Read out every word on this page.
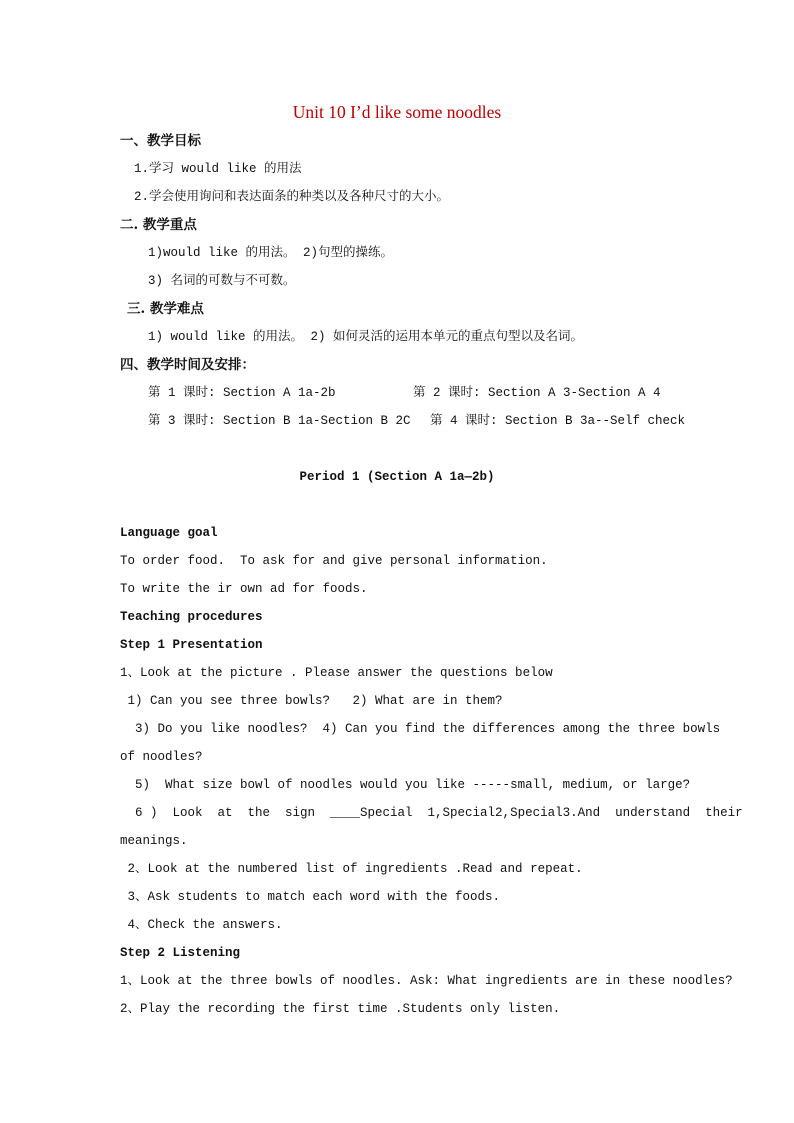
Unit 10 I’d like some noodles
一、教学目标
1.学习 would like 的用法
2.学会使用询问和表达面条的种类以及各种尺寸的大小。
二. 教学重点
1)would like 的用法。 2)句型的操练。
3) 名词的可数与不可数。
三. 教学难点
1) would like 的用法。 2) 如何灵活的运用本单元的重点句型以及名词。
四、教学时间及安排：
第 1 课时: Section A 1a-2b	第 2 课时: Section A 3-Section A 4
第 3 课时: Section B 1a-Section B 2C 第 4 课时: Section B 3a--Self check
Period 1 (Section A 1a—2b)
Language goal
To order food.  To ask for and give personal information.
To write the ir own ad for foods.
Teaching procedures
Step 1 Presentation
1、Look at the picture . Please answer the questions below
1) Can you see three bowls?   2) What are in them?
3) Do you like noodles?  4) Can you find the differences among the three bowls
of noodles?
5)  What size bowl of noodles would you like -----small, medium, or large?
6 )  Look  at  the  sign  ____Special  1,Special2,Special3.And  understand  their
meanings.
2、Look at the numbered list of ingredients .Read and repeat.
3、Ask students to match each word with the foods.
4、Check the answers.
Step 2 Listening
1、Look at the three bowls of noodles. Ask: What ingredients are in these noodles?
2、Play the recording the first time .Students only listen.
